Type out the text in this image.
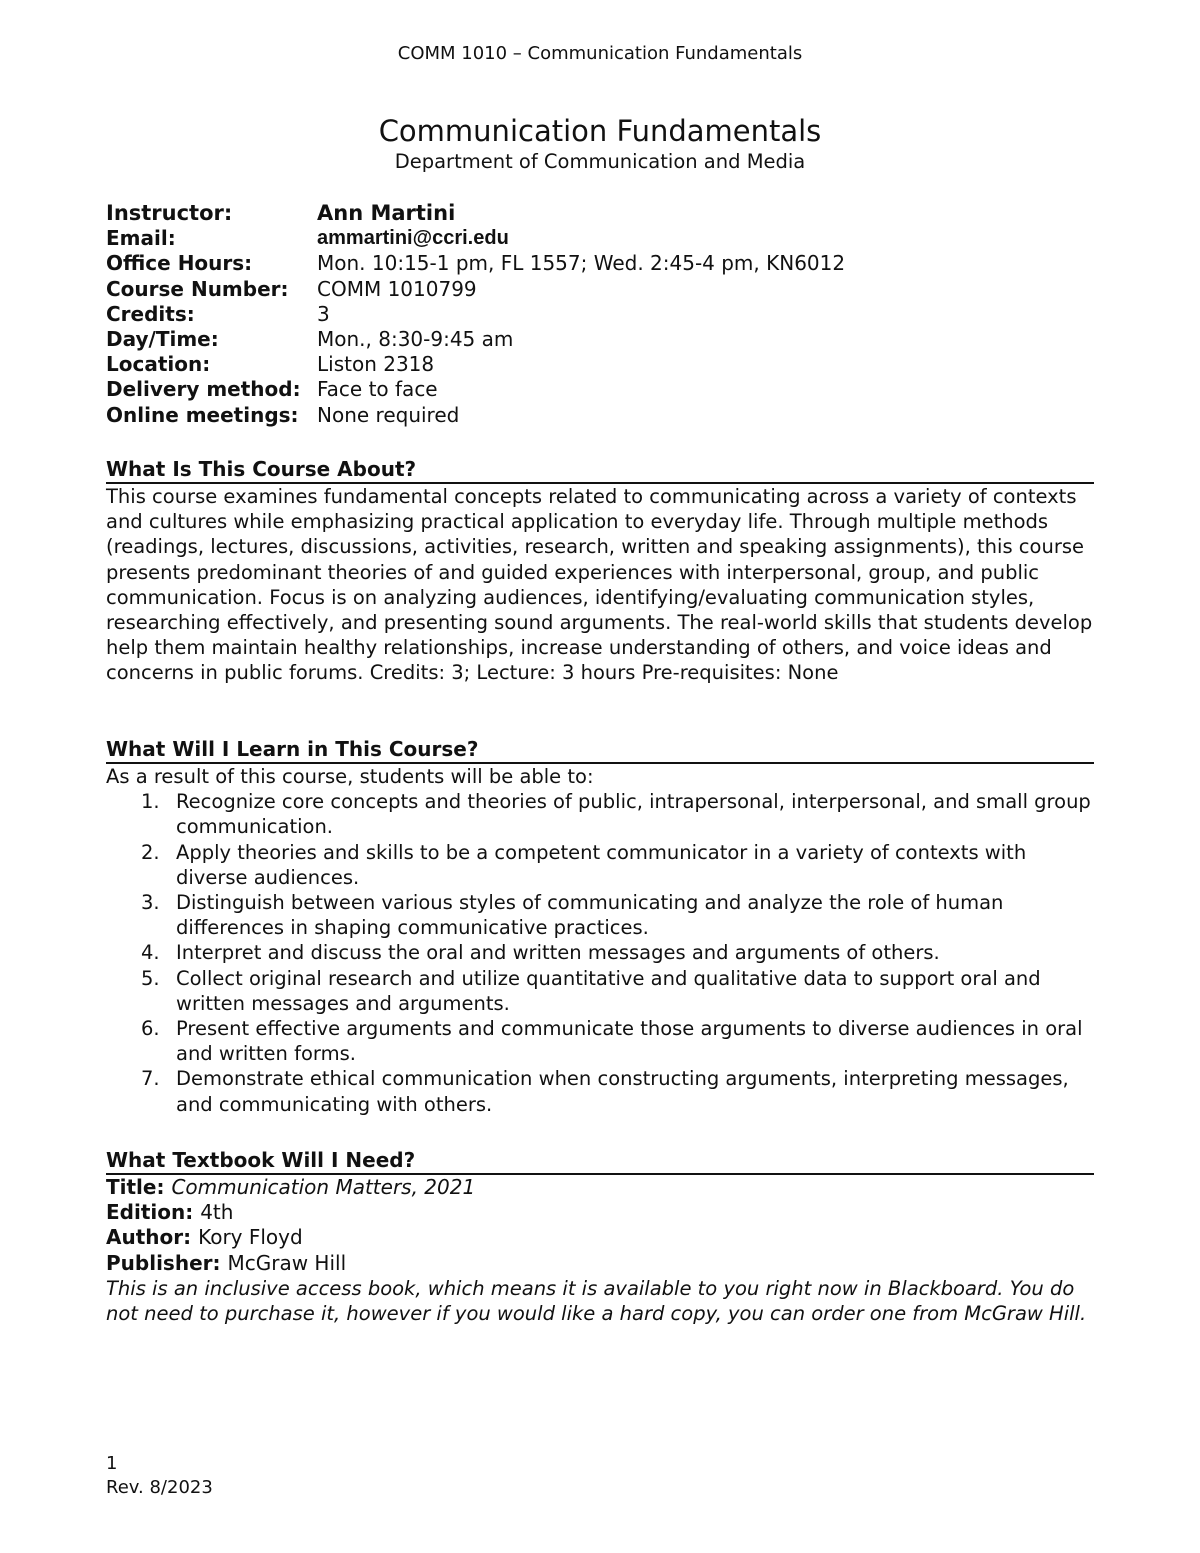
COMM 1010 – Communication Fundamentals
Communication Fundamentals
Department of Communication and Media
Instructor:	Ann Martini
Email:	ammartini@ccri.edu
Office Hours:	Mon. 10:15-1 pm, FL 1557; Wed. 2:45-4 pm, KN6012
Course Number:	COMM 1010799
Credits:	3
Day/Time:	Mon., 8:30-9:45 am
Location:	Liston 2318
Delivery method: Face to face
Online meetings: None required
What Is This Course About?

This course examines fundamental concepts related to communicating across a variety of contexts and cultures while emphasizing practical application to everyday life. Through multiple methods (readings, lectures, discussions, activities, research, written and speaking assignments), this course presents predominant theories of and guided experiences with interpersonal, group, and public communication. Focus is on analyzing audiences, identifying/evaluating communication styles, researching effectively, and presenting sound arguments. The real-world skills that students develop help them maintain healthy relationships, increase understanding of others, and voice ideas and concerns in public forums. Credits: 3; Lecture: 3 hours Pre-requisites: None

What Will I Learn in This Course?

As a result of this course, students will be able to:

1. Recognize core concepts and theories of public, intrapersonal, interpersonal, and small group communication.
2. Apply theories and skills to be a competent communicator in a variety of contexts with diverse audiences.
3. Distinguish between various styles of communicating and analyze the role of human differences in shaping communicative practices.
4. Interpret and discuss the oral and written messages and arguments of others.
5. Collect original research and utilize quantitative and qualitative data to support oral and written messages and arguments.
6. Present effective arguments and communicate those arguments to diverse audiences in oral and written forms.
7. Demonstrate ethical communication when constructing arguments, interpreting messages, and communicating with others.
What Textbook Will I Need?
Title: Communication Matters, 2021
Edition: 4th
Author: Kory Floyd
Publisher: McGraw Hill

This is an inclusive access book, which means it is available to you right now in Blackboard. You do not need to purchase it, however if you would like a hard copy, you can order one from McGraw Hill.

1
Rev. 8/2023
